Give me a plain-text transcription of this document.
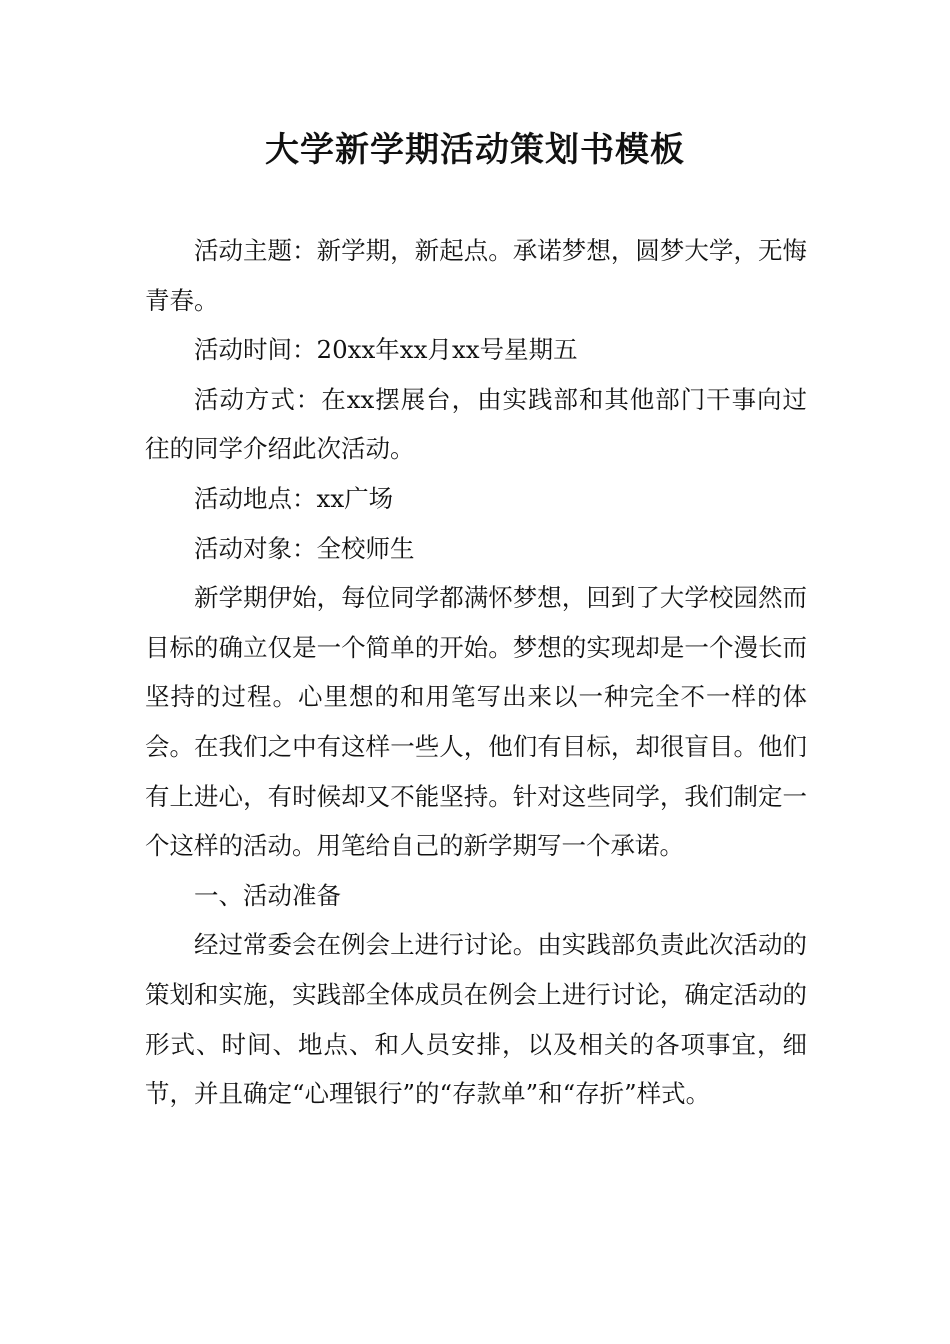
大学新学期活动策划书模板

活动主题：新学期，新起点。承诺梦想，圆梦大学，无悔青春。

活动时间：20xx年xx月xx号星期五

活动方式：在xx摆展台，由实践部和其他部门干事向过往的同学介绍此次活动。

活动地点：xx广场

活动对象：全校师生

新学期伊始，每位同学都满怀梦想，回到了大学校园然而目标的确立仅是一个简单的开始。梦想的实现却是一个漫长而坚持的过程。心里想的和用笔写出来以一种完全不一样的体会。在我们之中有这样一些人，他们有目标，却很盲目。他们有上进心，有时候却又不能坚持。针对这些同学，我们制定一个这样的活动。用笔给自己的新学期写一个承诺。

一、活动准备

经过常委会在例会上进行讨论。由实践部负责此次活动的策划和实施，实践部全体成员在例会上进行讨论，确定活动的形式、时间、地点、和人员安排，以及相关的各项事宜，细节，并且确定“心理银行”的“存款单”和“存折”样式。
